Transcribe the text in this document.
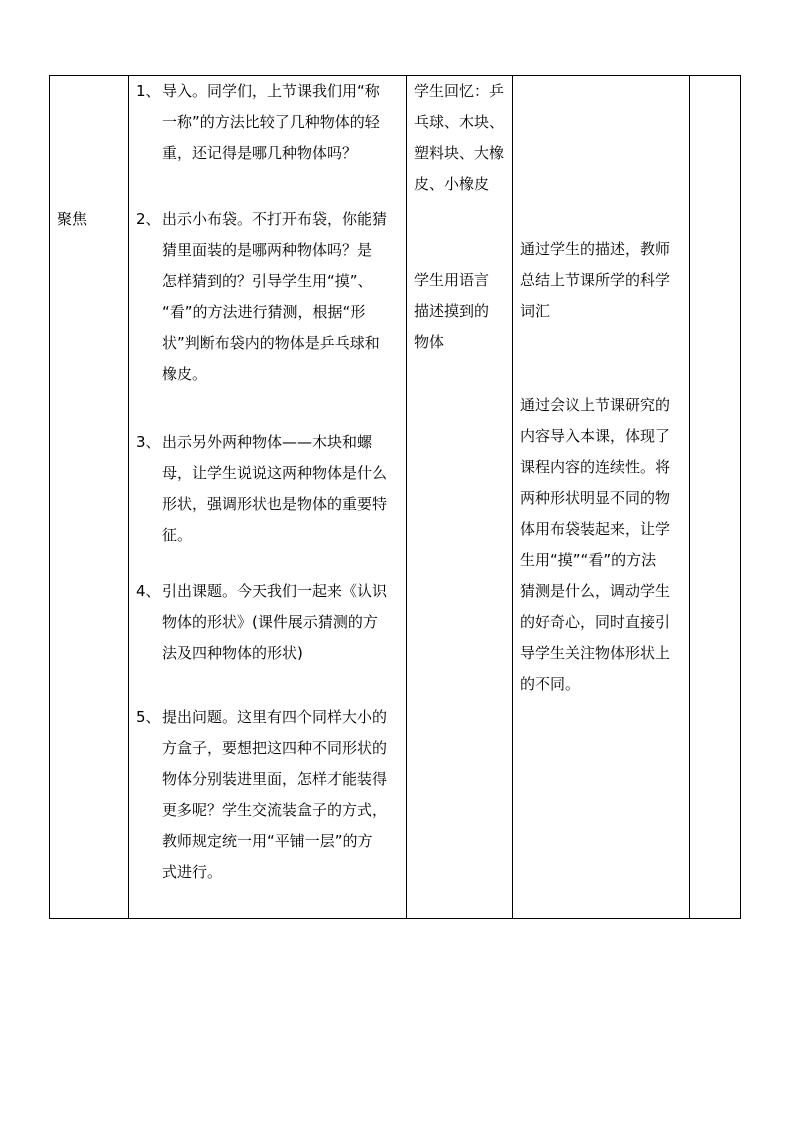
聚焦

1、导入。同学们，上节课我们用“称

一称”的方法比较了几种物体的轻

重，还记得是哪几种物体吗？

2、出示小布袋。不打开布袋，你能猜

猜里面装的是哪两种物体吗？是

怎样猜到的？引导学生用“摸”、

“看”的方法进行猜测，根据“形

状”判断布袋内的物体是乒乓球和

橡皮。

3、出示另外两种物体——木块和螺

母，让学生说说这两种物体是什么

形状，强调形状也是物体的重要特

征。

4、引出课题。今天我们一起来《认识

物体的形状》(课件展示猜测的方

法及四种物体的形状)

5、提出问题。这里有四个同样大小的

方盒子，要想把这四种不同形状的

物体分别装进里面，怎样才能装得

更多呢？学生交流装盒子的方式，

教师规定统一用“平铺一层”的方

式进行。

学生回忆：乒

乓球、木块、

塑料块、大橡

皮、小橡皮

学生用语言

描述摸到的

物体

通过学生的描述，教师

总结上节课所学的科学

词汇

通过会议上节课研究的

内容导入本课，体现了

课程内容的连续性。将

两种形状明显不同的物

体用布袋装起来，让学

生用“摸”“看”的方法

猜测是什么，调动学生

的好奇心，同时直接引

导学生关注物体形状上

的不同。
